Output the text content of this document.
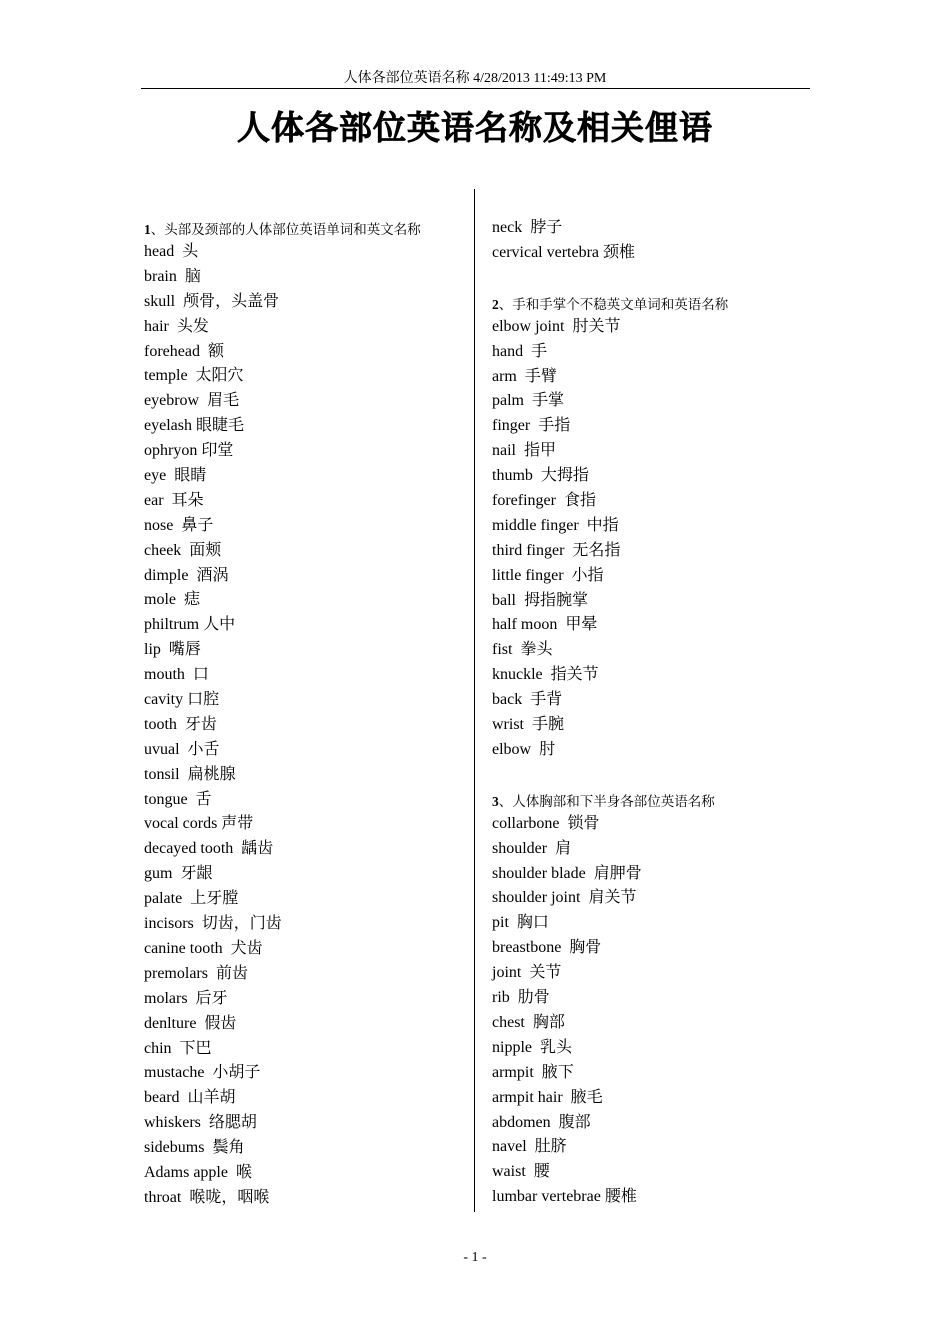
人体各部位英语名称 4/28/2013 11:49:13 PM
人体各部位英语名称及相关俚语
1、头部及颈部的人体部位英语单词和英文名称
head  头
brain  脑
skull  颅骨，头盖骨
hair  头发
forehead  额
temple  太阳穴
eyebrow  眉毛
eyelash 眼睫毛
ophryon 印堂
eye  眼睛
ear  耳朵
nose  鼻子
cheek  面颊
dimple  酒涡
mole  痣
philtrum 人中
lip  嘴唇
mouth  口
cavity 口腔
tooth  牙齿
uvual  小舌
tonsil  扁桃腺
tongue  舌
vocal cords 声带
decayed tooth  龋齿
gum  牙龈
palate  上牙膛
incisors  切齿，门齿
canine tooth  犬齿
premolars  前齿
molars  后牙
denlture  假齿
chin  下巴
mustache  小胡子
beard  山羊胡
whiskers  络腮胡
sidebums  鬓角
Adams apple  喉
throat  喉咙，咽喉
neck  脖子
cervical vertebra 颈椎
2、手和手掌个不稳英文单词和英语名称
elbow joint  肘关节
hand  手
arm  手臂
palm  手掌
finger  手指
nail  指甲
thumb  大拇指
forefinger  食指
middle finger  中指
third finger  无名指
little finger  小指
ball  拇指腕掌
half moon  甲晕
fist  拳头
knuckle  指关节
back  手背
wrist  手腕
elbow  肘
3、人体胸部和下半身各部位英语名称
collarbone  锁骨
shoulder  肩
shoulder blade  肩胛骨
shoulder joint  肩关节
pit  胸口
breastbone  胸骨
joint  关节
rib  肋骨
chest  胸部
nipple  乳头
armpit  腋下
armpit hair  腋毛
abdomen  腹部
navel  肚脐
waist  腰
lumbar vertebrae 腰椎
- 1 -
